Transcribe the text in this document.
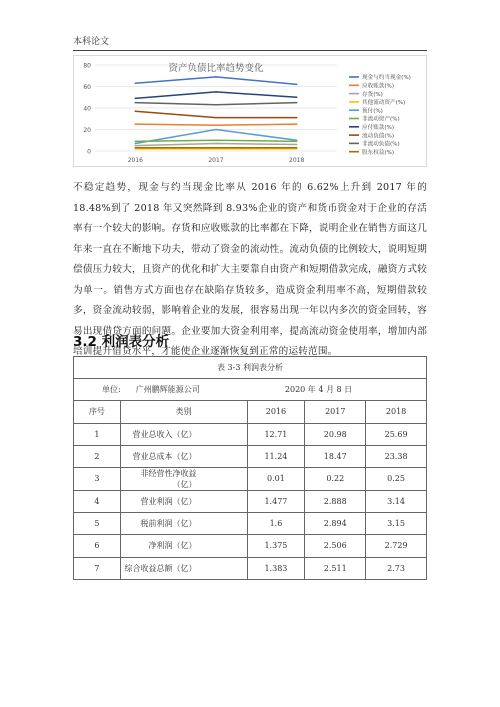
本科论文
0
20
40
60
80
2016	2017	2018
资产负债比率趋势变化
现金与约当现金(%)
应收账款(%)
存货(%)
其他流动资产(%)
预付(%)
非流动资产(%)
应付账款(%)
流动负债(%)
非流动负债(%)
股东权益(%)
不稳定趋势，现金与约当现金比率从 2016 年的 6.62%上升到 2017 年的 18.48%到了 2018 年又突然降到 8.93%企业的资产和货币资金对于企业的存活率有一个较大的影响。存货和应收账款的比率都在下降，说明企业在销售方面这几年来一直在不断地下功夫，带动了资金的流动性。流动负债的比例较大，说明短期偿债压力较大，且资产的优化和扩大主要靠自由资产和短期借款完成，融资方式较为单一。销售方式方面也存在缺陷存货较多，造成资金利用率不高，短期借款较多，资金流动较弱，影响着企业的发展，很容易出现一年以内多次的资金回转，容易出现借贷方面的问题。企业要加大资金利用率，提高流动资金使用率，增加内部培训提升借贷水平，才能使企业逐渐恢复到正常的运转范围。
3.2 利润表分析
表 3-3 利润表分析				
单位: 广州鹏辉能源公司 2020 年 4 月 8 日				
序号	类别	2016	2017	2018
1	营业总收入（亿）	12.71	20.98	25.69
2	营业总成本（亿）	11.24	18.47	23.38
3	非经营性净收益（亿）	0.01	0.22	0.25
4	营业利润（亿）	1.477	2.888	3.14
5	税前利润（亿）	1.6	2.894	3.15
6	净利润（亿）	1.375	2.506	2.729
7	综合收益总额（亿）	1.383	2.511	2.73
